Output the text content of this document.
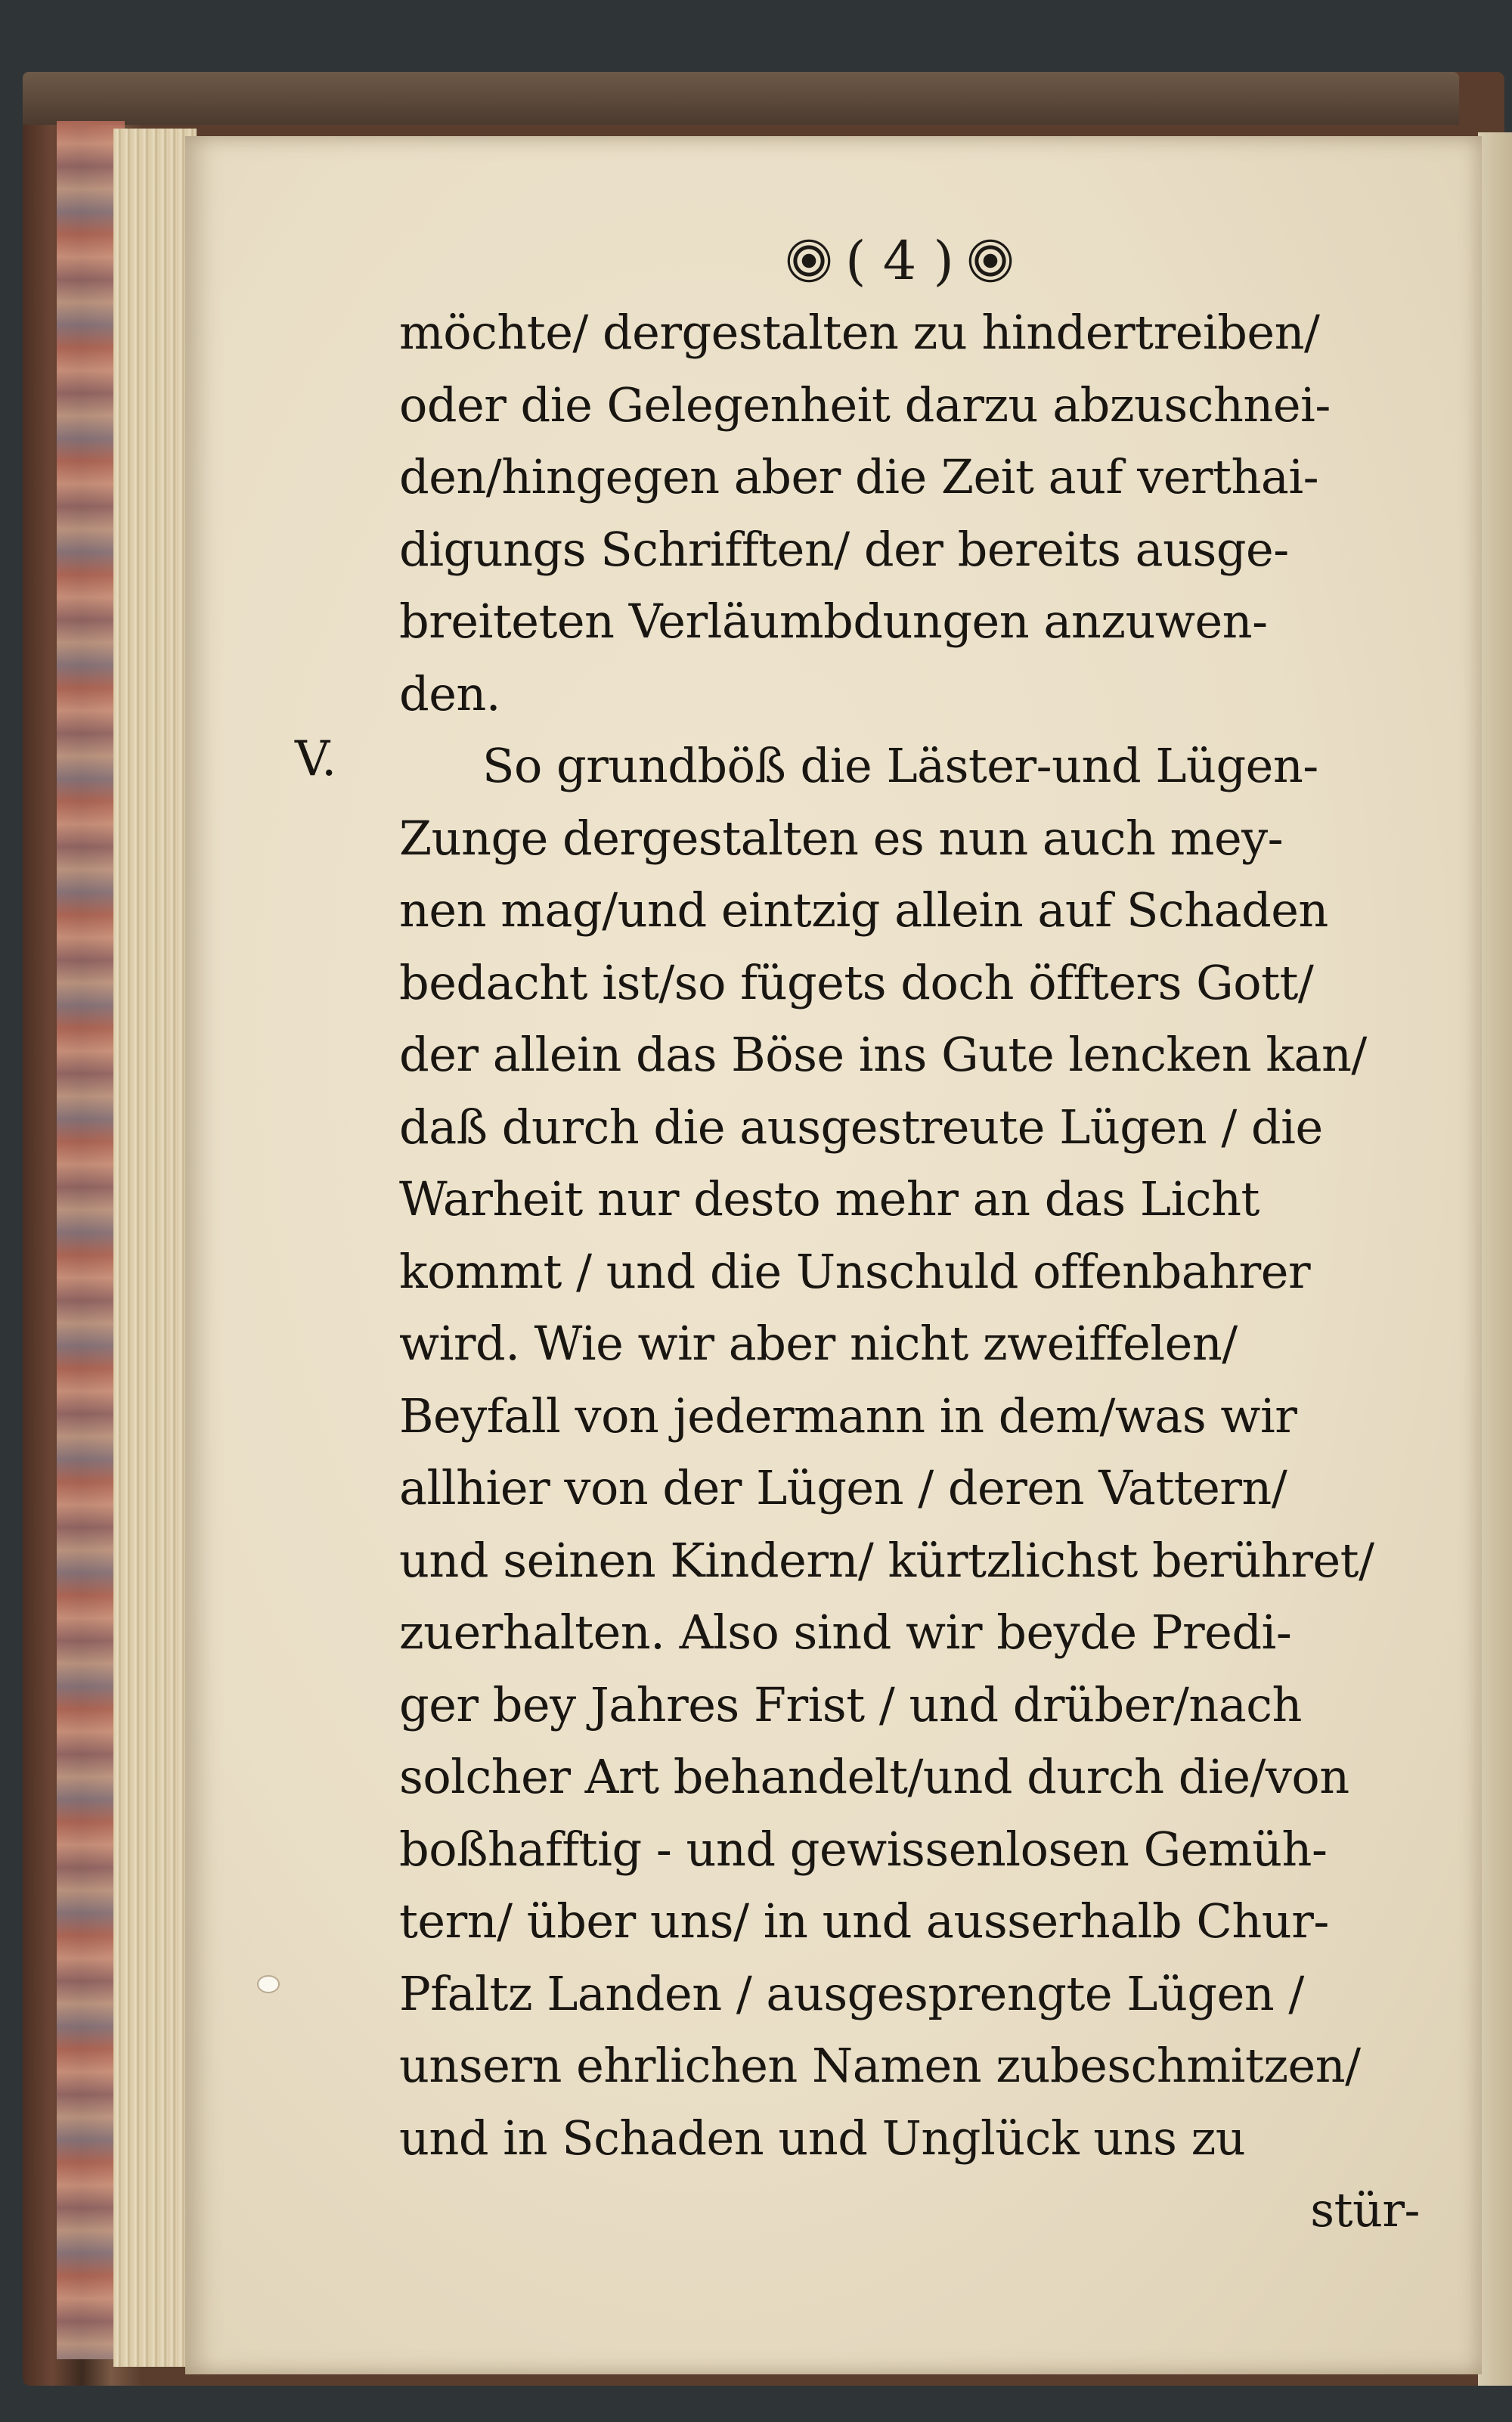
( 4 )
V.
möchte/ dergestalten zu hindertreiben/
oder die Gelegenheit darzu abzuschnei-
den/hingegen aber die Zeit auf verthai-
digungs Schrifften/ der bereits ausge-
breiteten Verläumbdungen anzuwen-
den.
So grundböß die Läster-und Lügen-
Zunge dergestalten es nun auch mey-
nen mag/und eintzig allein auf Schaden
bedacht ist/so fügets doch öffters Gott/
der allein das Böse ins Gute lencken kan/
daß durch die ausgestreute Lügen / die
Warheit nur desto mehr an das Licht
kommt / und die Unschuld offenbahrer
wird. Wie wir aber nicht zweiffelen/
Beyfall von jedermann in dem/was wir
allhier von der Lügen / deren Vattern/
und seinen Kindern/ kürtzlichst berühret/
zuerhalten. Also sind wir beyde Predi-
ger bey Jahres Frist / und drüber/nach
solcher Art behandelt/und durch die/von
boßhafftig - und gewissenlosen Gemüh-
tern/ über uns/ in und ausserhalb Chur-
Pfaltz Landen / ausgesprengte Lügen /
unsern ehrlichen Namen zubeschmitzen/
und in Schaden und Unglück uns zu
stür-
